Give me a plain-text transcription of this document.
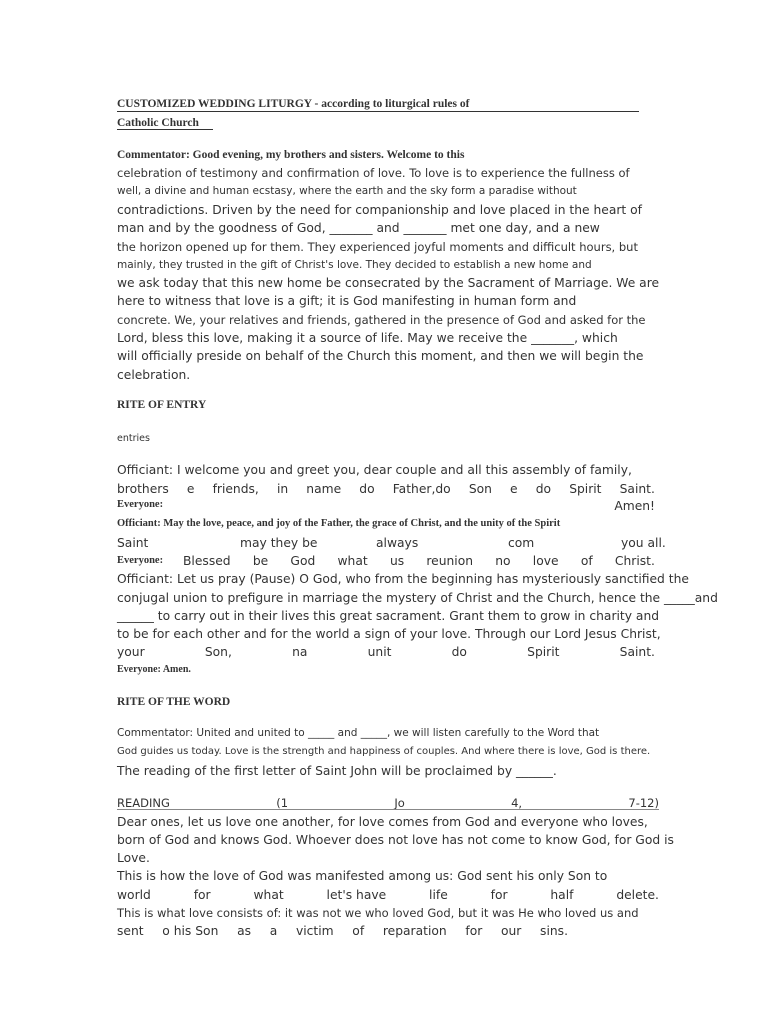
CUSTOMIZED WEDDING LITURGY - according to liturgical rules of
Catholic Church
Commentator: Good evening, my brothers and sisters. Welcome to this
celebration of testimony and confirmation of love. To love is to experience the fullness of
well, a divine and human ecstasy, where the earth and the sky form a paradise without
contradictions. Driven by the need for companionship and love placed in the heart of
man and by the goodness of God, _______ and _______ met one day, and a new
the horizon opened up for them. They experienced joyful moments and difficult hours, but
mainly, they trusted in the gift of Christ's love. They decided to establish a new home and
we ask today that this new home be consecrated by the Sacrament of Marriage. We are
here to witness that love is a gift; it is God manifesting in human form and
concrete. We, your relatives and friends, gathered in the presence of God and asked for the
Lord, bless this love, making it a source of life. May we receive the _______, which
will officially preside on behalf of the Church this moment, and then we will begin the
celebration.
RITE OF ENTRY
entries
Officiant: I welcome you and greet you, dear couple and all this assembly of family,
brothers e friends, in name do Father,do Son e do Spirit Saint.
Everyone:	Amen!
Officiant: May the love, peace, and joy of the Father, the grace of Christ, and the unity of the Spirit
Saint	may they be	always	com	you all.
Everyone: Blessed be God what us reunion no love of Christ.
Officiant: Let us pray (Pause) O God, who from the beginning has mysteriously sanctified the
conjugal union to prefigure in marriage the mystery of Christ and the Church, hence the _____and
______ to carry out in their lives this great sacrament. Grant them to grow in charity and
to be for each other and for the world a sign of your love. Through our Lord Jesus Christ,
your	Son,	na	unit	do	Spirit	Saint.
Everyone: Amen.
RITE OF THE WORD
Commentator: United and united to _____ and _____, we will listen carefully to the Word that
God guides us today. Love is the strength and happiness of couples. And where there is love, God is there.
The reading of the first letter of Saint John will be proclaimed by ______.
READING	(1	Jo	4,	7-12)
Dear ones, let us love one another, for love comes from God and everyone who loves,
born of God and knows God. Whoever does not love has not come to know God, for God is
Love.
This is how the love of God was manifested among us: God sent his only Son to
world	for	what	let's have	life	for	half	delete.
This is what love consists of: it was not we who loved God, but it was He who loved us and
sent o his Son as a victim of reparation for our sins.
